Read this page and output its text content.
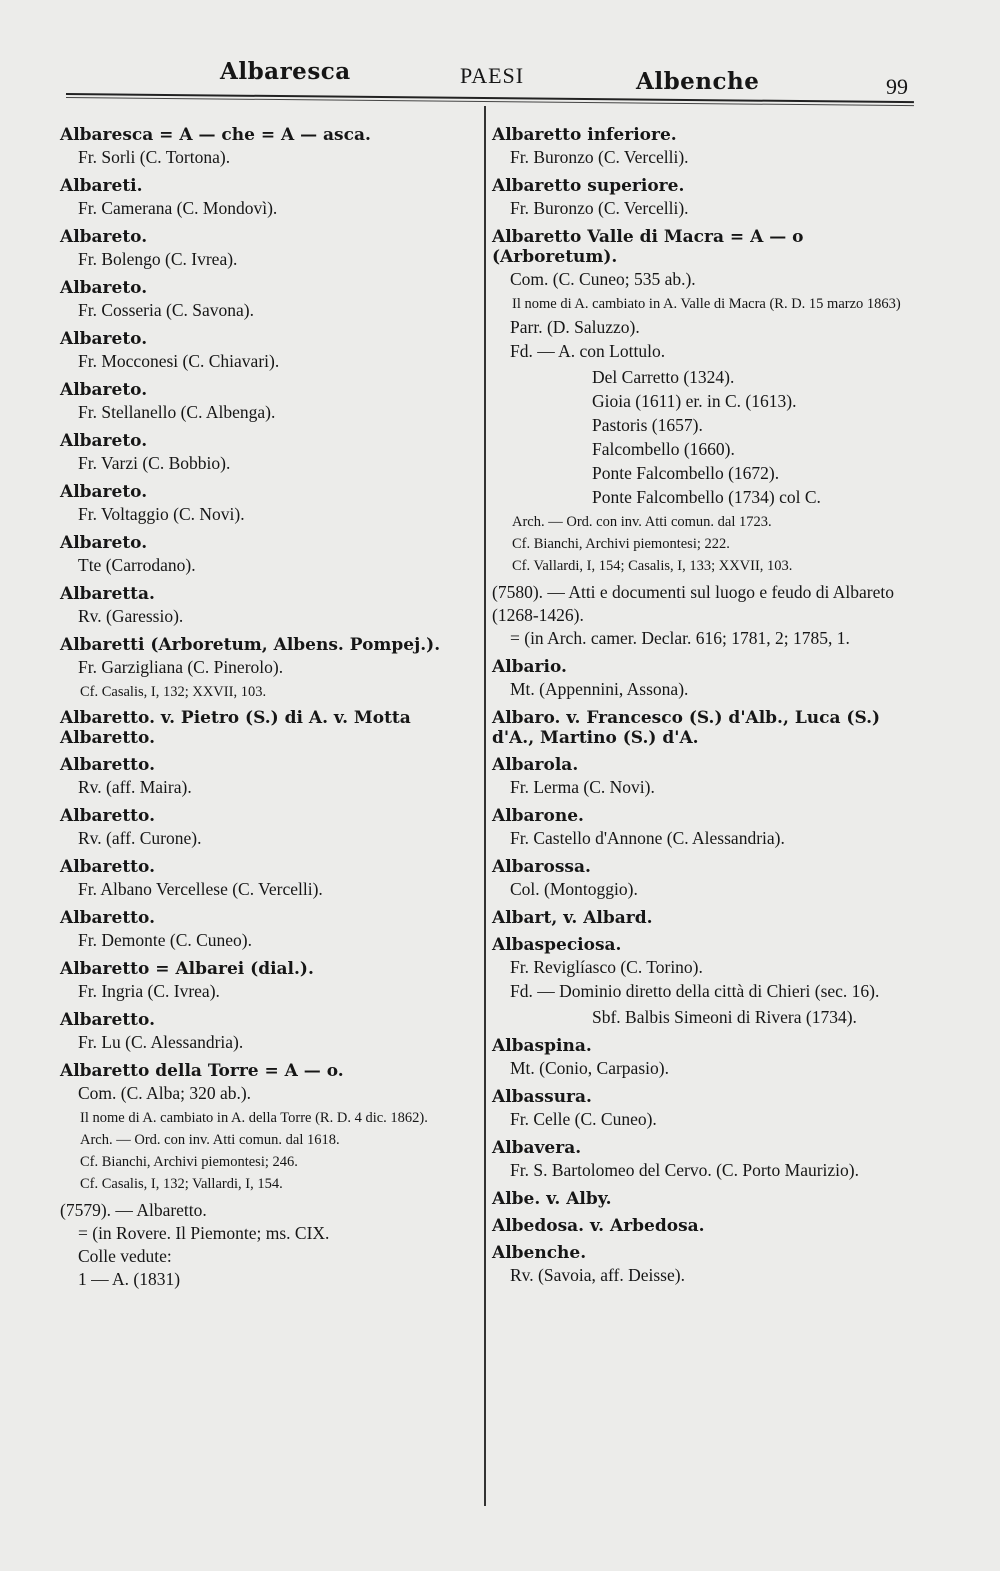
Albaresca	PAESI	Albenche	99
Albaresca = A — che = A — asca.
Fr. Sorli (C. Tortona).
Albareti.
Fr. Camerana (C. Mondovì).
Albareto.
Fr. Bolengo (C. Ivrea).
Albareto.
Fr. Cosseria (C. Savona).
Albareto.
Fr. Mocconesi (C. Chiavari).
Albareto.
Fr. Stellanello (C. Albenga).
Albareto.
Fr. Varzi (C. Bobbio).
Albareto.
Fr. Voltaggio (C. Novi).
Albareto.
Tte (Carrodano).
Albaretta.
Rv. (Garessio).
Albaretti (Arboretum, Albens. Pompej.).
Fr. Garzigliana (C. Pinerolo).
Cf. Casalis, I, 132; XXVII, 103.
Albaretto. v. Pietro (S.) di A. v. Motta Albaretto.
Albaretto.
Rv. (aff. Maira).
Albaretto.
Rv. (aff. Curone).
Albaretto.
Fr. Albano Vercellese (C. Vercelli).
Albaretto.
Fr. Demonte (C. Cuneo).
Albaretto = Albarei (dial.).
Fr. Ingria (C. Ivrea).
Albaretto.
Fr. Lu (C. Alessandria).
Albaretto della Torre = A — o.
Com. (C. Alba; 320 ab.).
Il nome di A. cambiato in A. della Torre (R. D. 4 dic. 1862).
Arch. — Ord. con inv. Atti comun. dal 1618.
Cf. Bianchi, Archivi piemontesi; 246.
Cf. Casalis, I, 132; Vallardi, I, 154.
(7579). — Albaretto.
= (in Rovere. Il Piemonte; ms. CIX.
Colle vedute:
1 — A. (1831)
Albaretto inferiore.
Fr. Buronzo (C. Vercelli).
Albaretto superiore.
Fr. Buronzo (C. Vercelli).
Albaretto Valle di Macra = A — o (Arboretum).
Com. (C. Cuneo; 535 ab.).
Il nome di A. cambiato in A. Valle di Macra (R. D. 15 marzo 1863)
Parr. (D. Saluzzo).
Fd. — A. con Lottulo.
Del Carretto (1324).
Gioia (1611) er. in C. (1613).
Pastoris (1657).
Falcombello (1660).
Ponte Falcombello (1672).
Ponte Falcombello (1734) col C.
Arch. — Ord. con inv. Atti comun. dal 1723.
Cf. Bianchi, Archivi piemontesi; 222.
Cf. Vallardi, I, 154; Casalis, I, 133; XXVII, 103.
(7580). — Atti e documenti sul luogo e feudo di Albareto (1268-1426).
= (in Arch. camer. Declar. 616; 1781, 2; 1785, 1.
Albario.
Mt. (Appennini, Assona).
Albaro. v. Francesco (S.) d'Alb., Luca (S.) d'A., Martino (S.) d'A.
Albarola.
Fr. Lerma (C. Novi).
Albarone.
Fr. Castello d'Annone (C. Alessandria).
Albarossa.
Col. (Montoggio).
Albart, v. Albard.
Albaspeciosa.
Fr. Reviglíasco (C. Torino).
Fd. — Dominio diretto della città di Chieri (sec. 16).
Sbf. Balbis Simeoni di Rivera (1734).
Albaspina.
Mt. (Conio, Carpasio).
Albassura.
Fr. Celle (C. Cuneo).
Albavera.
Fr. S. Bartolomeo del Cervo. (C. Porto Maurizio).
Albe. v. Alby.
Albedosa. v. Arbedosa.
Albenche.
Rv. (Savoia, aff. Deisse).
